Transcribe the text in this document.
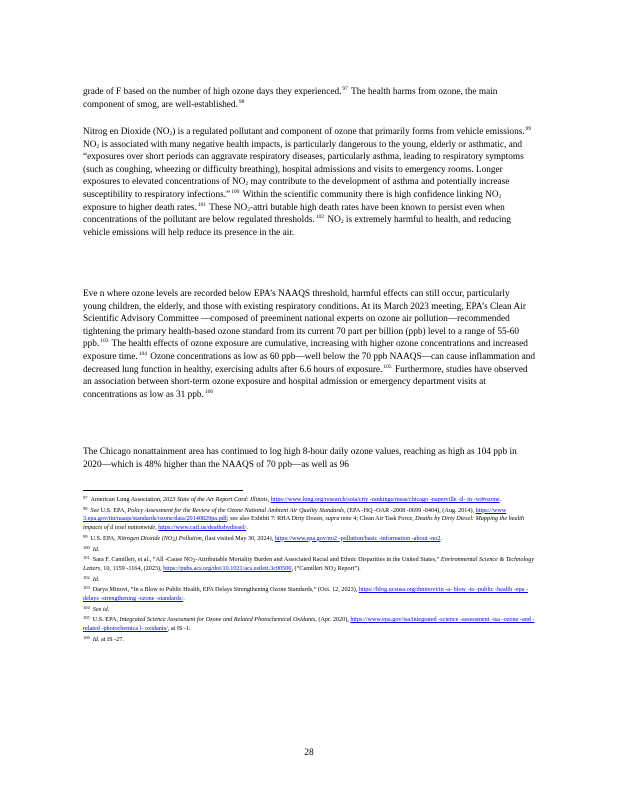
grade of F based on the number of high ozone days they experienced.$^{97}$ The health harms from ozone, the main component of smog, are well-established.$^{98}$

Nitrog en Dioxide $(NO_2)$ is a regulated pollutant and component of ozone that primarily forms from vehicle emissions.$^{99}$ $NO_2$ is associated with many negative health impacts, is particularly dangerous to the young, elderly or asthmatic, and “exposures over short periods can aggravate respiratory diseases, particularly asthma, leading to respiratory symptoms (such as coughing, wheezing or difficulty breathing), hospital admissions and visits to emergency rooms. Longer exposures to elevated concentrations of $NO_2$ may contribute to the development of asthma and potentially increase susceptibility to respiratory infections.”$^{100}$ Within the scientific community there is high confidence linking $NO_2$ exposure to higher death rates.$^{101}$ These $NO_2$-attri butable high death rates have been known to persist even when concentrations of the pollutant are below regulated thresholds.$^{102}$ $NO_2$ is extremely harmful to health, and reducing vehicle emissions will help reduce its presence in the air.

Eve n where ozone levels are recorded below EPA’s NAAQS threshold, harmful effects can still occur, particularly young children, the elderly, and those with existing respiratory conditions. At its March 2023 meeting, EPA’s Clean Air Scientific Advisory Committee —composed of preeminent national experts on ozone air pollution—recommended tightening the primary health-based ozone standard from its current 70 part per billion (ppb) level to a range of 55-60 ppb.$^{103}$ The health effects of ozone exposure are cumulative, increasing with higher ozone concentrations and increased exposure time.$^{104}$ Ozone concentrations as low as 60 ppb—well below the 70 ppb NAAQS—can cause inflammation and decreased lung function in healthy, exercising adults after 6.6 hours of exposure.$^{105}$ Furthermore, studies have observed an association between short-term ozone exposure and hospital admission or emergency department visits at concentrations as low as 31 ppb.$^{106}$

The Chicago nonattainment area has continued to log high 8-hour daily ozone values, reaching as high as 104 ppb in 2020—which is 48% higher than the NAAQS of 70 ppb—as well as 96

$^{97}$ American Lung Association, 2023 State of the Air Report Card: Illinois, https://www.lung.org/research/sota/city -rankings/msas/chicago -naperville -il- in -wi#ozone.

$^{98}$ See U.S. EPA, Policy Assessment for the Review of the Ozone National Ambient Air Quality Standards, (EPA -HQ -OAR -2008 -0699 -0404), (Aug. 2014), https://www 3.epa.gov/ttn/naaqs/standards/ozone/data/20140829pa.pdf; see also Exhibit 7: RHA Dirty Dozen, supra note 4; Clean Air Task Force, Deaths by Dirty Diesel: Mapping the health impacts of d iesel nationwide, https://www.catf.us/deathsbydiesel/.

$^{99}$ U.S. EPA, Nitrogen Dioxide $(NO_2)$ Pollution, (last visited May 30, 2024), https://www.epa.gov/no2 -pollution/basic -information -about -no2.

$^{100}$ Id.

$^{101}$ Sara F. Camilleri, et al., “All -Cause $NO_2$-Attributable Mortality Burden and Associated Racial and Ethnic Disparities in the United States,” Environmental Science & Technology Letters, 10, 1159 -1164, (2023), https://pubs.acs.org/doi/10.1021/acs.estlett.3c00500, (“Camilleri $NO_2$ Report”).

$^{102}$ Id.

$^{103}$ Darya Minovi, “In a Blow to Public Health, EPA Delays Strengthening Ozone Standards,” (Oct. 12, 2023), https://blog.ucsusa.org/dminovi/in -a- blow -to -public -health -epa -delays -strengthening -ozone -standards/.

$^{104}$ See id.

$^{105}$ U.S. EPA, Integrated Science Assessment for Ozone and Related Photochemical Oxidants, (Apr. 2020), https://www.epa.gov/isa/integrated -science -assessment -isa -ozone -and -related -photochemica l- oxidants/, at IS -1.

$^{106}$ Id. at IS -27.

28
